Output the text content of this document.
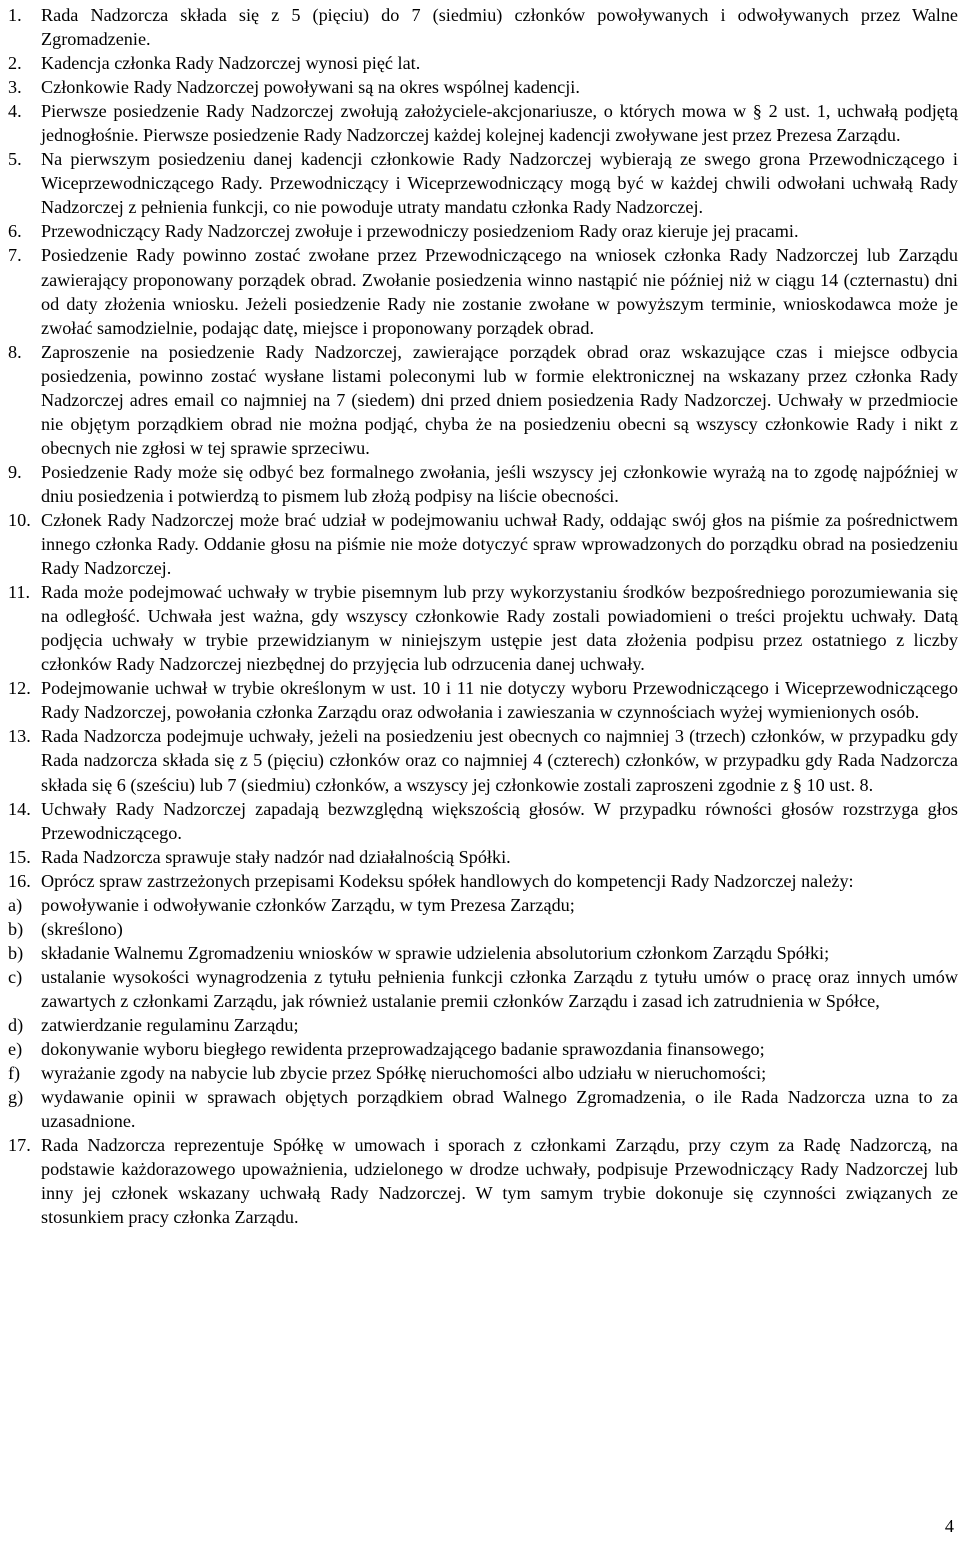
1.	Rada Nadzorcza składa się z 5 (pięciu) do 7 (siedmiu) członków powoływanych i odwoływanych przez Walne Zgromadzenie.
2.	Kadencja członka Rady Nadzorczej wynosi pięć lat.
3.	Członkowie Rady Nadzorczej powoływani są na okres wspólnej kadencji.
4.	Pierwsze posiedzenie Rady Nadzorczej zwołują założyciele-akcjonariusze, o których mowa w § 2 ust. 1, uchwałą podjętą jednogłośnie. Pierwsze posiedzenie Rady Nadzorczej każdej kolejnej kadencji zwoływane jest przez Prezesa Zarządu.
5.	Na pierwszym posiedzeniu danej kadencji członkowie Rady Nadzorczej wybierają ze swego grona Przewodniczącego i Wiceprzewodniczącego Rady. Przewodniczący i Wiceprzewodniczący mogą być w każdej chwili odwołani uchwałą Rady Nadzorczej z pełnienia funkcji, co nie powoduje utraty mandatu członka Rady Nadzorczej.
6.	Przewodniczący Rady Nadzorczej zwołuje i przewodniczy posiedzeniom Rady oraz kieruje jej pracami.
7.	Posiedzenie Rady powinno zostać zwołane przez Przewodniczącego na wniosek członka Rady Nadzorczej lub Zarządu zawierający proponowany porządek obrad. Zwołanie posiedzenia winno nastąpić nie później niż w ciągu 14 (czternastu) dni od daty złożenia wniosku. Jeżeli posiedzenie Rady nie zostanie zwołane w powyższym terminie, wnioskodawca może je zwołać samodzielnie, podając datę, miejsce i proponowany porządek obrad.
8.	Zaproszenie na posiedzenie Rady Nadzorczej, zawierające porządek obrad oraz wskazujące czas i miejsce odbycia posiedzenia, powinno zostać wysłane listami poleconymi lub w formie elektronicznej na wskazany przez członka Rady Nadzorczej adres email co najmniej na 7 (siedem) dni przed dniem posiedzenia Rady Nadzorczej. Uchwały w przedmiocie nie objętym porządkiem obrad nie można podjąć, chyba że na posiedzeniu obecni są wszyscy członkowie Rady i nikt z obecnych nie zgłosi w tej sprawie sprzeciwu.
9.	Posiedzenie Rady może się odbyć bez formalnego zwołania, jeśli wszyscy jej członkowie wyrażą na to zgodę najpóźniej w dniu posiedzenia i potwierdzą to pismem lub złożą podpisy na liście obecności.
10. Członek Rady Nadzorczej może brać udział w podejmowaniu uchwał Rady, oddając swój głos na piśmie za pośrednictwem innego członka Rady. Oddanie głosu na piśmie nie może dotyczyć spraw wprowadzonych do porządku obrad na posiedzeniu Rady Nadzorczej.
11. Rada może podejmować uchwały w trybie pisemnym lub przy wykorzystaniu środków bezpośredniego porozumiewania się na odległość. Uchwała jest ważna, gdy wszyscy członkowie Rady zostali powiadomieni o treści projektu uchwały. Datą podjęcia uchwały w trybie przewidzianym w niniejszym ustępie jest data złożenia podpisu przez ostatniego z liczby członków Rady Nadzorczej niezbędnej do przyjęcia lub odrzucenia danej uchwały.
12. Podejmowanie uchwał w trybie określonym w ust. 10 i 11 nie dotyczy wyboru Przewodniczącego i Wiceprzewodniczącego Rady Nadzorczej, powołania członka Zarządu oraz odwołania i zawieszania w czynnościach wyżej wymienionych osób.
13. Rada Nadzorcza podejmuje uchwały, jeżeli na posiedzeniu jest obecnych co najmniej 3 (trzech) członków, w przypadku gdy Rada nadzorcza składa się z 5 (pięciu) członków oraz co najmniej 4 (czterech) członków, w przypadku gdy Rada Nadzorcza składa się 6 (sześciu) lub 7 (siedmiu) członków, a wszyscy jej członkowie zostali zaproszeni zgodnie z § 10 ust. 8.
14. Uchwały Rady Nadzorczej zapadają bezwzględną większością głosów. W przypadku równości głosów rozstrzyga głos Przewodniczącego.
15. Rada Nadzorcza sprawuje stały nadzór nad działalnością Spółki.
16. Oprócz spraw zastrzeżonych przepisami Kodeksu spółek handlowych do kompetencji Rady Nadzorczej należy:
a)	powoływanie i odwoływanie członków Zarządu, w tym Prezesa Zarządu;
b) (skreślono)
b) składanie Walnemu Zgromadzeniu wniosków w sprawie udzielenia absolutorium członkom Zarządu Spółki;
c)	ustalanie wysokości wynagrodzenia z tytułu pełnienia funkcji członka Zarządu z tytułu umów o pracę oraz innych umów zawartych z członkami Zarządu, jak również ustalanie premii członków Zarządu i zasad ich zatrudnienia w Spółce,
d) zatwierdzanie regulaminu Zarządu;
e)	dokonywanie wyboru biegłego rewidenta przeprowadzającego badanie sprawozdania finansowego;
f)	wyrażanie zgody na nabycie lub zbycie przez Spółkę nieruchomości albo udziału w nieruchomości;
g) wydawanie opinii w sprawach objętych porządkiem obrad Walnego Zgromadzenia, o ile Rada Nadzorcza uzna to za uzasadnione.
17. Rada Nadzorcza reprezentuje Spółkę w umowach i sporach z członkami Zarządu, przy czym za Radę Nadzorczą, na podstawie każdorazowego upoważnienia, udzielonego w drodze uchwały, podpisuje Przewodniczący Rady Nadzorczej lub inny jej członek wskazany uchwałą Rady Nadzorczej. W tym samym trybie dokonuje się czynności związanych ze stosunkiem pracy członka Zarządu.
4
